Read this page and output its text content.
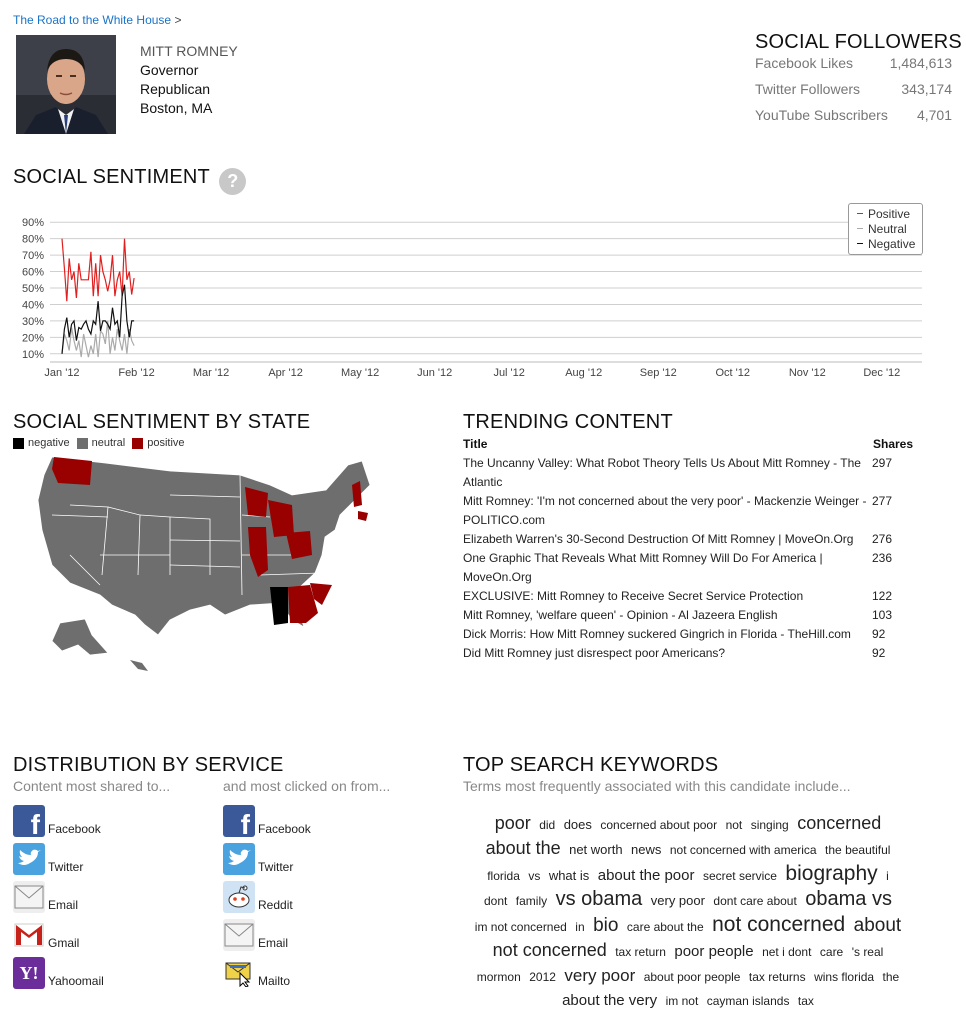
The Road to the White House >
MITT ROMNEY
Governor
Republican
Boston, MA
SOCIAL FOLLOWERS
Facebook Likes	1,484,613
Twitter Followers	343,174
YouTube Subscribers 4,701
SOCIAL SENTIMENT ?
10%
20%
30%
40%
50%
60%
70%
80%
90%
Jan '12	Feb '12	Mar '12	Apr '12	May '12	Jun '12	Jul '12	Aug '12	Sep '12	Oct '12	Nov '12	Dec '12
Positive
Neutral
Negative
SOCIAL SENTIMENT BY STATE
negative neutral positive
TRENDING CONTENT
Title	Shares
The Uncanny Valley: What Robot Theory Tells Us About Mitt Romney - The Atlantic
297
Mitt Romney: 'I'm not concerned about the very poor' - Mackenzie Weinger - POLITICO.com
277
Elizabeth Warren's 30-Second Destruction Of Mitt Romney | MoveOn.Org	276
One Graphic That Reveals What Mitt Romney Will Do For America | MoveOn.Org
236
EXCLUSIVE: Mitt Romney to Receive Secret Service Protection	122
Mitt Romney, 'welfare queen' - Opinion - Al Jazeera English	103
Dick Morris: How Mitt Romney suckered Gingrich in Florida - TheHill.com	92
Did Mitt Romney just disrespect poor Americans?	92
DISTRIBUTION BY SERVICE
Content most shared to...	and most clicked on from...
f Facebook
Twitter
Email
Gmail
Y! Yahoomail
f Facebook
Twitter
Reddit
Email
Mailto
TOP SEARCH KEYWORDS
Terms most frequently associated with this candidate include...
poor did does concerned about poor not singing concerned about the net worth news not concerned with america the beautiful florida vs what is about the poor secret service biography i dont family vs obama very poor dont care about obama vs im not concerned in bio care about the not concerned about not concerned tax return poor people net i dont care 's real mormon 2012 very poor about poor people tax returns wins florida the about the very im not cayman islands tax
